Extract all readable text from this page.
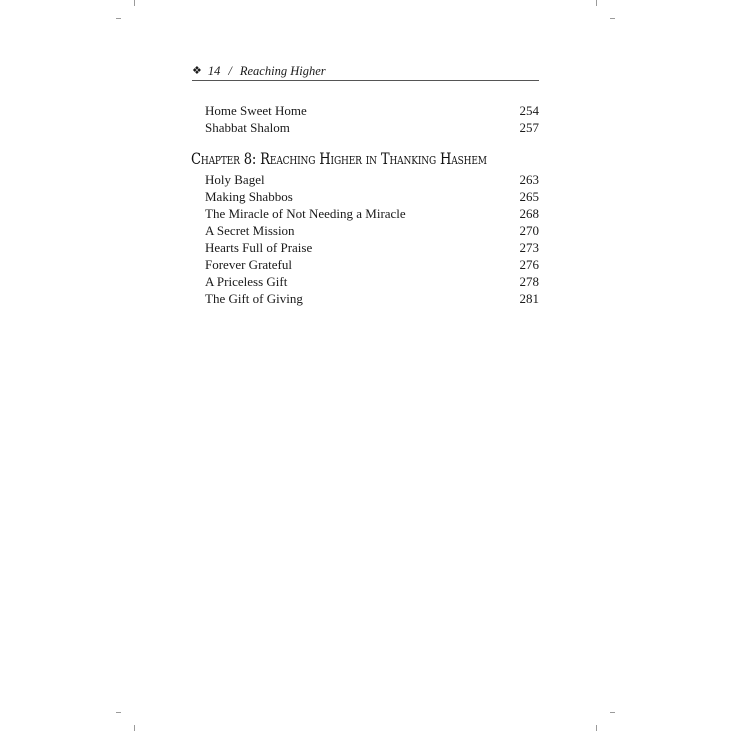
❖ 14 / Reaching Higher
Home Sweet Home	254
Shabbat Shalom	257
Chapter 8: Reaching Higher in Thanking Hashem
Holy Bagel	263
Making Shabbos	265
The Miracle of Not Needing a Miracle	268
A Secret Mission	270
Hearts Full of Praise	273
Forever Grateful	276
A Priceless Gift	278
The Gift of Giving	281
